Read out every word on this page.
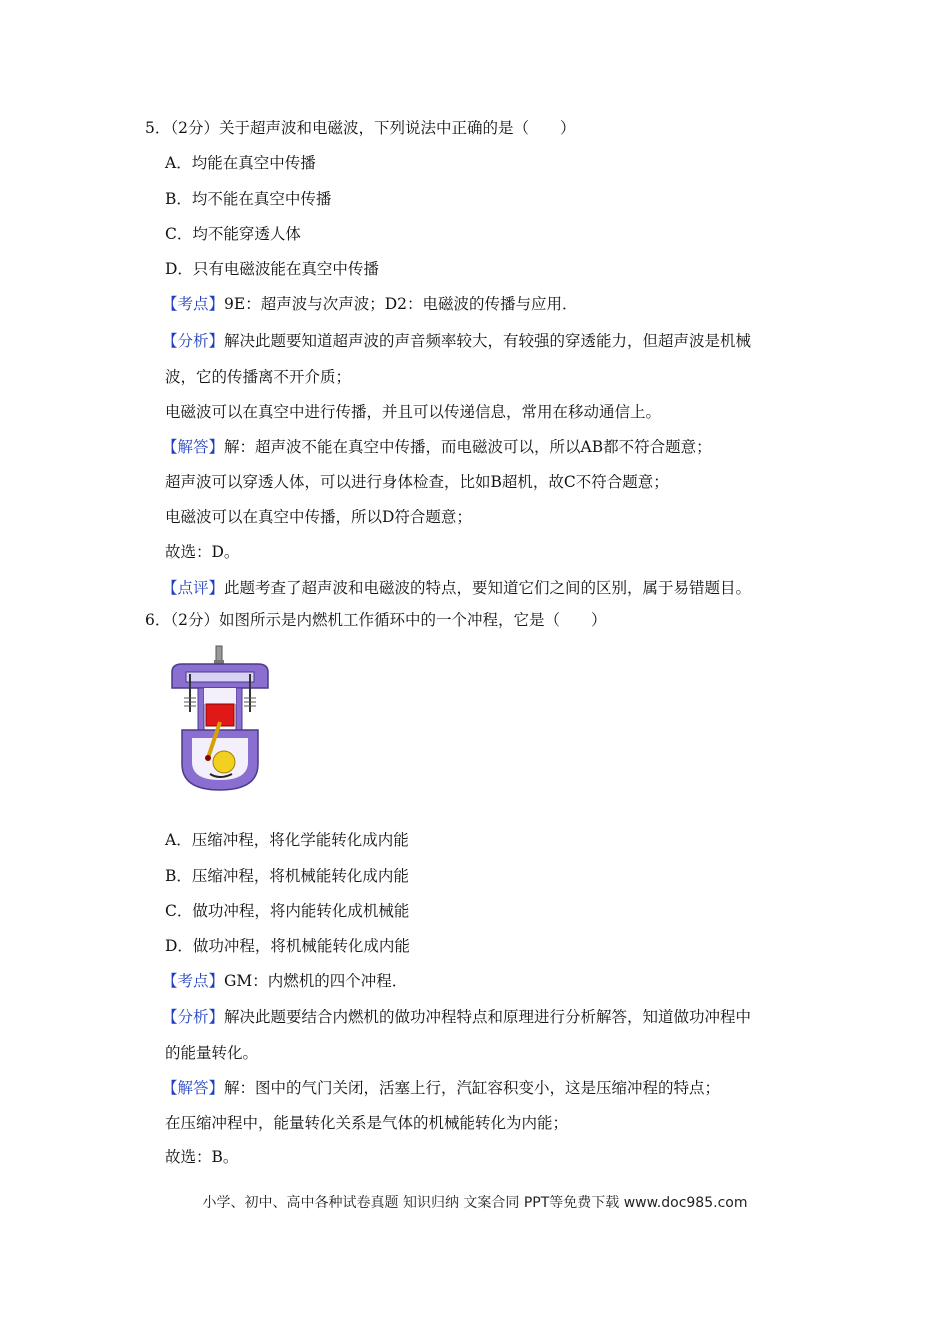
5．（2分）关于超声波和电磁波，下列说法中正确的是（　　）
A．均能在真空中传播
B．均不能在真空中传播
C．均不能穿透人体
D．只有电磁波能在真空中传播
【考点】9E：超声波与次声波；D2：电磁波的传播与应用．
【分析】解决此题要知道超声波的声音频率较大，有较强的穿透能力，但超声波是机械
波，它的传播离不开介质；
电磁波可以在真空中进行传播，并且可以传递信息，常用在移动通信上。
【解答】解：超声波不能在真空中传播，而电磁波可以，所以AB都不符合题意；
超声波可以穿透人体，可以进行身体检查，比如B超机，故C不符合题意；
电磁波可以在真空中传播，所以D符合题意；
故选：D。
【点评】此题考查了超声波和电磁波的特点，要知道它们之间的区别，属于易错题目。
6．（2分）如图所示是内燃机工作循环中的一个冲程，它是（　　）
A．压缩冲程，将化学能转化成内能
B．压缩冲程，将机械能转化成内能
C．做功冲程，将内能转化成机械能
D．做功冲程，将机械能转化成内能
【考点】GM：内燃机的四个冲程．
【分析】解决此题要结合内燃机的做功冲程特点和原理进行分析解答，知道做功冲程中
的能量转化。
【解答】解：图中的气门关闭，活塞上行，汽缸容积变小，这是压缩冲程的特点；
在压缩冲程中，能量转化关系是气体的机械能转化为内能；
故选：B。
小学、初中、高中各种试卷真题 知识归纳 文案合同 PPT等免费下载 www.doc985.com
